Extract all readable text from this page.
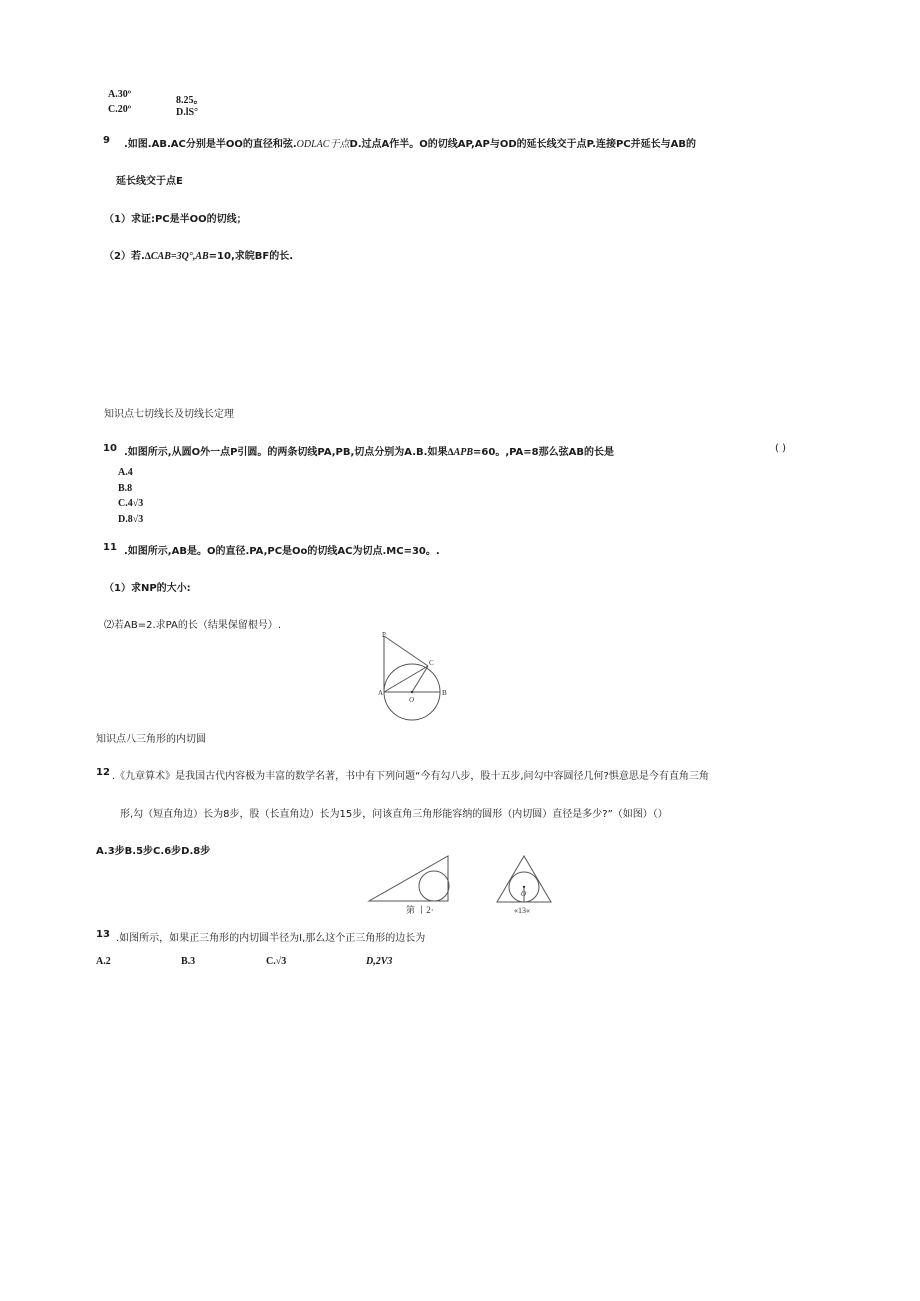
A.30º
8.25。
C.20º	D.lS°
9 .如图.AB.AC分别是半OO的直径和弦.ODLAC于点D.过点A作半。O的切线AP,AP与OD的延长线交于点P.连接PC并延长与AB的
延长线交于点E
（1）求证:PC是半OO的切线；
（2）若.∆CAB=3Q°,AB=10,求皖BF的长.
知识点七切线长及切线长定理
10 .如图所示,从圆O外一点P引圆。的两条切线PA,PB,切点分别为A.B.如果∆APB=60。,PA=8那么弦AB的长是	( )
A.4
B.8
C.4√3
D.8√3
11 .如图所示,AB是。O的直径.PA,PC是Oo的切线AC为切点.MC=30。.
（1）求NP的大小:
⑵若AB=2.求PA的长（结果保留根号）.
P
C
A	B
O
知识点八三角形的内切圆
12 .《九章算术》是我国古代内容极为丰富的数学名著，书中有下列问题“今有勾八步，股十五步,问勾中容圆径几何?惧意思是今有直角三角
形,勾（短直角边）长为8步，股（长直角边）长为15步，问该直角三角形能容纳的圆形（内切圆）直径是多少?”（如图）（）
A.3步B.5步C.6步D.8步
第 丨2·
O
«13«
13 .如图所示，如果正三角形的内切圆半径为I,那么这个正三角形的边长为
A.2	B.3	C.√3	D,2V3
